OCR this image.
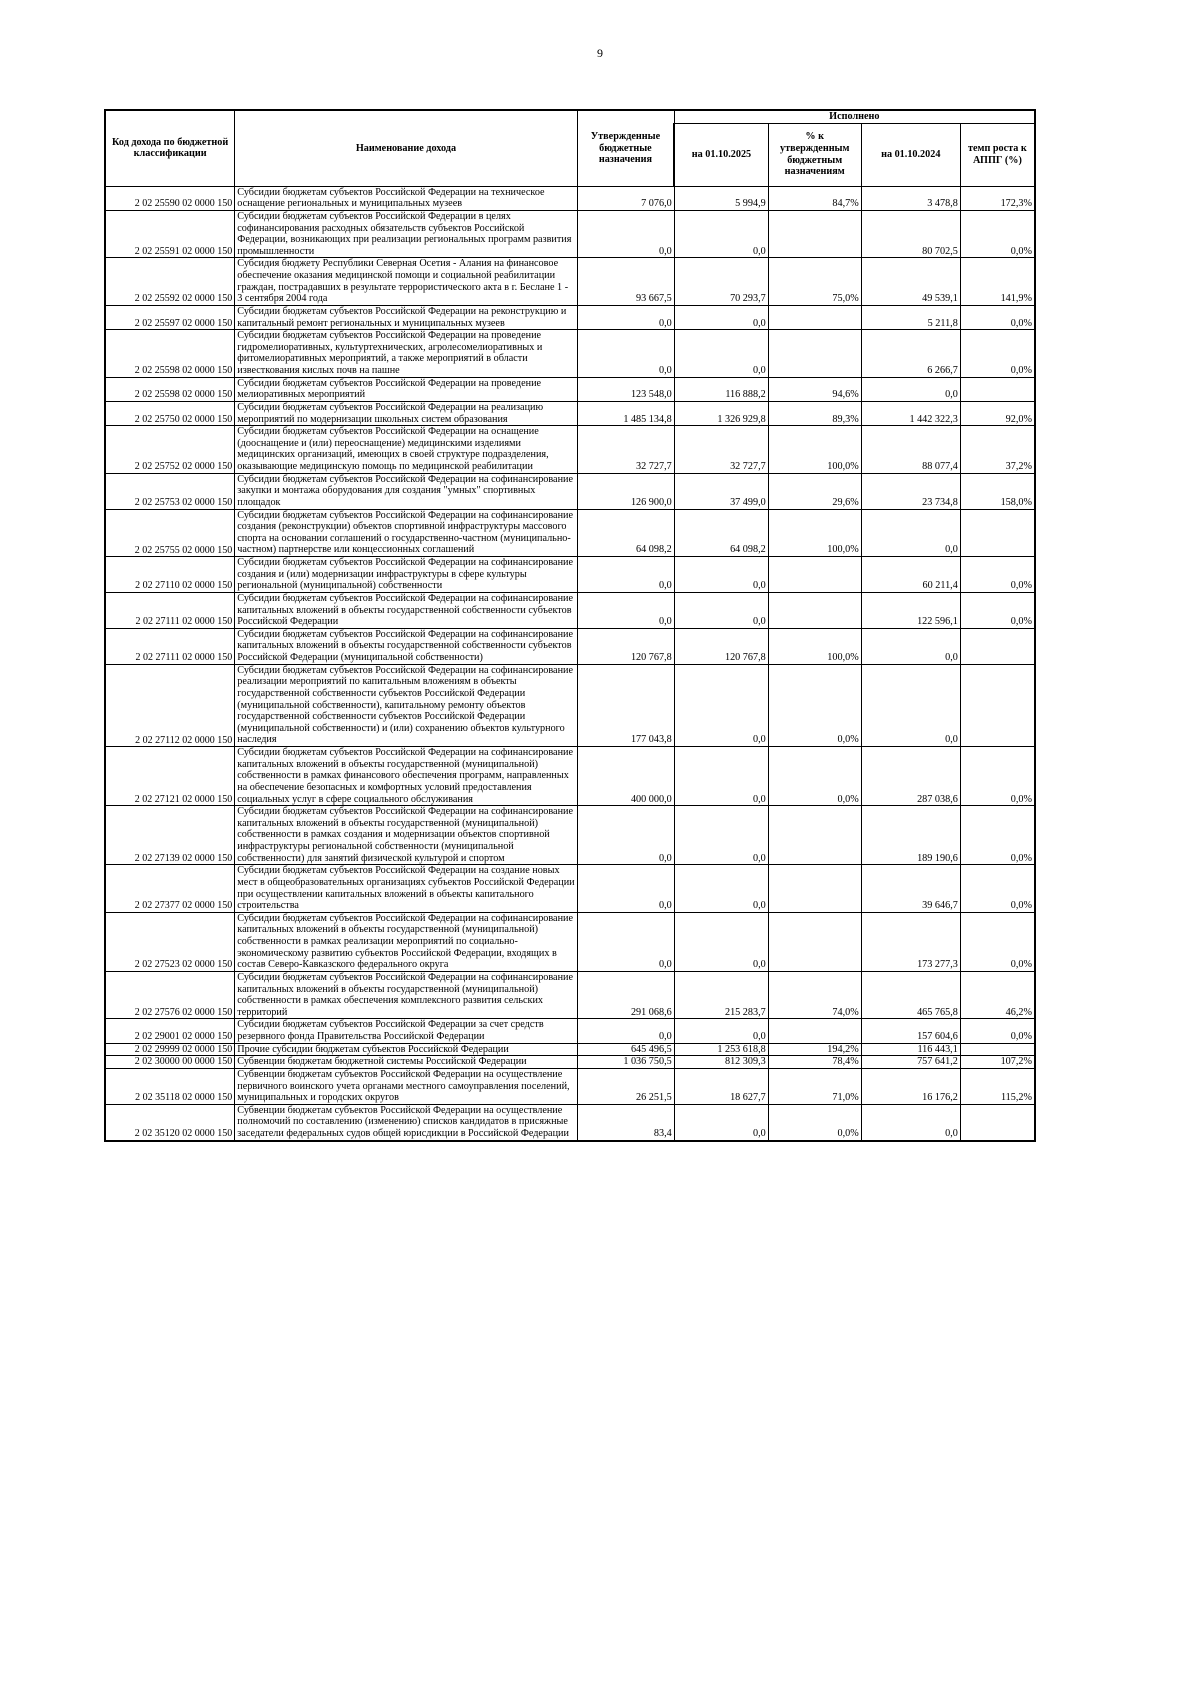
9
Код дохода по бюджетной классификации	Наименование дохода	Утвержденные бюджетные назначения	Исполнено			
			на 01.10.2025	% к утвержденным бюджетным назначениям	на 01.10.2024	темп роста к АППГ (%)
2 02 25590 02 0000 150	Субсидии бюджетам субъектов Российской Федерации на техническое оснащение региональных и муниципальных музеев	7 076,0	5 994,9	84,7%	3 478,8	172,3%
2 02 25591 02 0000 150	Субсидии бюджетам субъектов Российской Федерации в целях софинансирования расходных обязательств субъектов Российской Федерации, возникающих при реализации региональных программ развития промышленности	0,0	0,0		80 702,5	0,0%
2 02 25592 02 0000 150	Субсидия бюджету Республики Северная Осетия - Алания на финансовое обеспечение оказания медицинской помощи и социальной реабилитации граждан, пострадавших в результате террористического акта в г. Беслане 1 - 3 сентября 2004 года	93 667,5	70 293,7	75,0%	49 539,1	141,9%
2 02 25597 02 0000 150	Субсидии бюджетам субъектов Российской Федерации на реконструкцию и капитальный ремонт региональных и муниципальных музеев	0,0	0,0		5 211,8	0,0%
2 02 25598 02 0000 150	Субсидии бюджетам субъектов Российской Федерации на проведение гидромелиоративных, культуртехнических, агролесомелиоративных и фитомелиоративных мероприятий, а также мероприятий в области известкования кислых почв на пашне	0,0	0,0		6 266,7	0,0%
2 02 25598 02 0000 150	Субсидии бюджетам субъектов Российской Федерации на проведение мелиоративных мероприятий	123 548,0	116 888,2	94,6%	0,0	
2 02 25750 02 0000 150	Субсидии бюджетам субъектов Российской Федерации на реализацию мероприятий по модернизации школьных систем образования	1 485 134,8	1 326 929,8	89,3%	1 442 322,3	92,0%
2 02 25752 02 0000 150	Субсидии бюджетам субъектов Российской Федерации на оснащение (дооснащение и (или) переоснащение) медицинскими изделиями медицинских организаций, имеющих в своей структуре подразделения, оказывающие медицинскую помощь по медицинской реабилитации	32 727,7	32 727,7	100,0%	88 077,4	37,2%
2 02 25753 02 0000 150	Субсидии бюджетам субъектов Российской Федерации на софинансирование закупки и монтажа оборудования для создания "умных" спортивных площадок	126 900,0	37 499,0	29,6%	23 734,8	158,0%
2 02 25755 02 0000 150	Субсидии бюджетам субъектов Российской Федерации на софинансирование создания (реконструкции) объектов спортивной инфраструктуры массового спорта на основании соглашений о государственно-частном (муниципально-частном) партнерстве или концессионных соглашений	64 098,2	64 098,2	100,0%	0,0	
2 02 27110 02 0000 150	Субсидии бюджетам субъектов Российской Федерации на софинансирование создания и (или) модернизации инфраструктуры в сфере культуры региональной (муниципальной) собственности	0,0	0,0		60 211,4	0,0%
2 02 27111 02 0000 150	Субсидии бюджетам субъектов Российской Федерации на софинансирование капитальных вложений в объекты государственной собственности субъектов Российской Федерации	0,0	0,0		122 596,1	0,0%
2 02 27111 02 0000 150	Субсидии бюджетам субъектов Российской Федерации на софинансирование капитальных вложений в объекты государственной собственности субъектов Российской Федерации (муниципальной собственности)	120 767,8	120 767,8	100,0%	0,0	
2 02 27112 02 0000 150	Субсидии бюджетам субъектов Российской Федерации на софинансирование реализации мероприятий по капитальным вложениям в объекты государственной собственности субъектов Российской Федерации (муниципальной собственности), капитальному ремонту объектов государственной собственности субъектов Российской Федерации (муниципальной собственности) и (или) сохранению объектов культурного наследия	177 043,8	0,0	0,0%	0,0	
2 02 27121 02 0000 150	Субсидии бюджетам субъектов Российской Федерации на софинансирование капитальных вложений в объекты государственной (муниципальной) собственности в рамках финансового обеспечения программ, направленных на обеспечение безопасных и комфортных условий предоставления социальных услуг в сфере социального обслуживания	400 000,0	0,0	0,0%	287 038,6	0,0%
2 02 27139 02 0000 150	Субсидии бюджетам субъектов Российской Федерации на софинансирование капитальных вложений в объекты государственной (муниципальной) собственности в рамках создания и модернизации объектов спортивной инфраструктуры региональной собственности (муниципальной собственности) для занятий физической культурой и спортом	0,0	0,0		189 190,6	0,0%
2 02 27377 02 0000 150	Субсидии бюджетам субъектов Российской Федерации на создание новых мест в общеобразовательных организациях субъектов Российской Федерации при осуществлении капитальных вложений в объекты капитального строительства	0,0	0,0		39 646,7	0,0%
2 02 27523 02 0000 150	Субсидии бюджетам субъектов Российской Федерации на софинансирование капитальных вложений в объекты государственной (муниципальной) собственности в рамках реализации мероприятий по социально-экономическому развитию субъектов Российской Федерации, входящих в состав Северо-Кавказского федерального округа	0,0	0,0		173 277,3	0,0%
2 02 27576 02 0000 150	Субсидии бюджетам субъектов Российской Федерации на софинансирование капитальных вложений в объекты государственной (муниципальной) собственности в рамках обеспечения комплексного развития сельских территорий	291 068,6	215 283,7	74,0%	465 765,8	46,2%
2 02 29001 02 0000 150	Субсидии бюджетам субъектов Российской Федерации за счет средств резервного фонда Правительства Российской Федерации	0,0	0,0		157 604,6	0,0%
2 02 29999 02 0000 150	Прочие субсидии бюджетам субъектов Российской Федерации	645 496,5	1 253 618,8	194,2%	116 443,1	
2 02 30000 00 0000 150	Субвенции бюджетам бюджетной системы Российской Федерации	1 036 750,5	812 309,3	78,4%	757 641,2	107,2%
2 02 35118 02 0000 150	Субвенции бюджетам субъектов Российской Федерации на осуществление первичного воинского учета органами местного самоуправления поселений, муниципальных и городских округов	26 251,5	18 627,7	71,0%	16 176,2	115,2%
2 02 35120 02 0000 150	Субвенции бюджетам субъектов Российской Федерации на осуществление полномочий по составлению (изменению) списков кандидатов в присяжные заседатели федеральных судов общей юрисдикции в Российской Федерации	83,4	0,0	0,0%	0,0	
